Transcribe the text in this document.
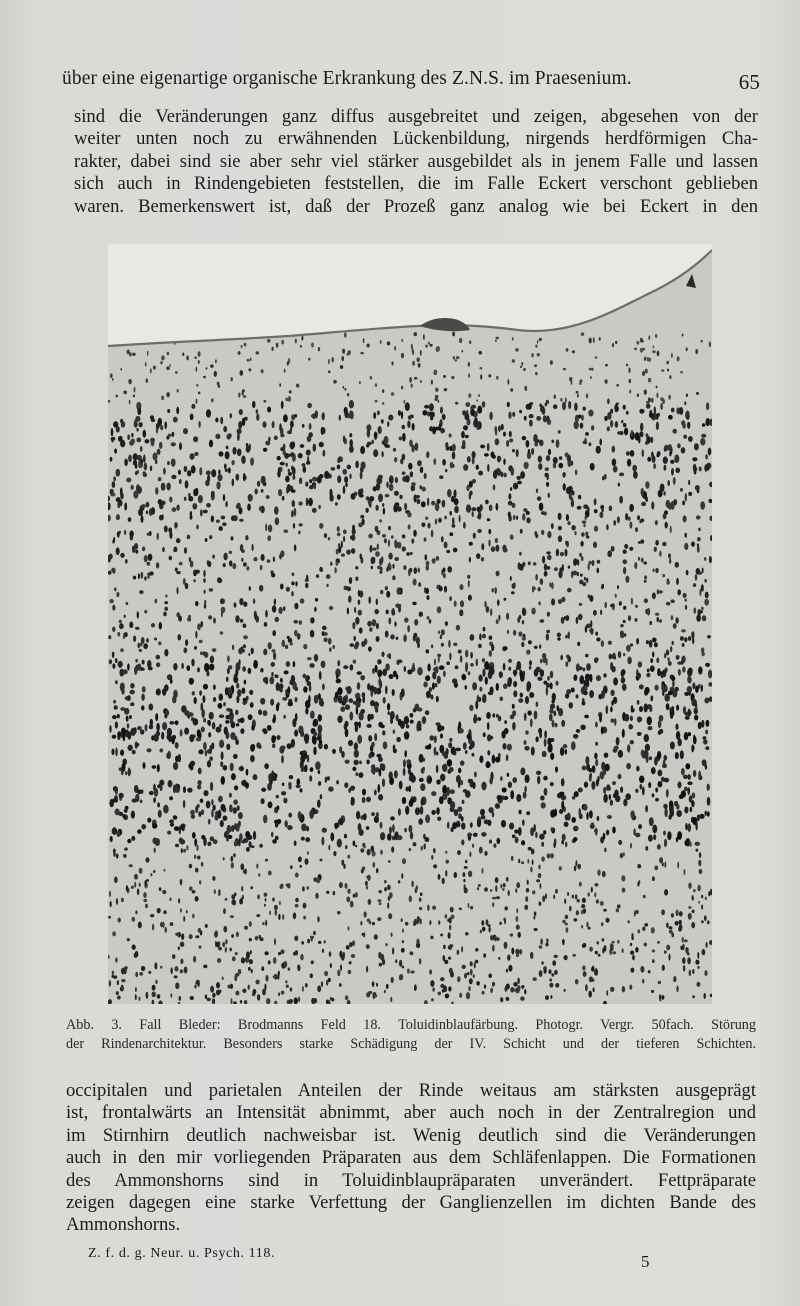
über eine eigenartige organische Erkrankung des Z.N.S. im Praesenium.	65

sind die Veränderungen ganz diffus ausgebreitet und zeigen, abgesehen von der
weiter unten noch zu erwähnenden Lückenbildung, nirgends herdförmigen Cha-
rakter, dabei sind sie aber sehr viel stärker ausgebildet als in jenem Falle und lassen
sich auch in Rindengebieten feststellen, die im Falle Eckert verschont geblieben
waren. Bemerkenswert ist, daß der Prozeß ganz analog wie bei Eckert in den

Abb. 3. Fall Bleder: Brodmanns Feld 18. Toluidinblaufärbung. Photogr. Vergr. 50fach. Störung
der Rindenarchitektur. Besonders starke Schädigung der IV. Schicht und der tieferen Schichten.

occipitalen und parietalen Anteilen der Rinde weitaus am stärksten ausgeprägt
ist, frontalwärts an Intensität abnimmt, aber auch noch in der Zentralregion und
im Stirnhirn deutlich nachweisbar ist. Wenig deutlich sind die Veränderungen
auch in den mir vorliegenden Präparaten aus dem Schläfenlappen. Die Formationen
des Ammonshorns sind in Toluidinblaupräparaten unverändert. Fettpräparate
zeigen dagegen eine starke Verfettung der Ganglienzellen im dichten Bande des
Ammonshorns.

Z. f. d. g. Neur. u. Psych. 118.	5
